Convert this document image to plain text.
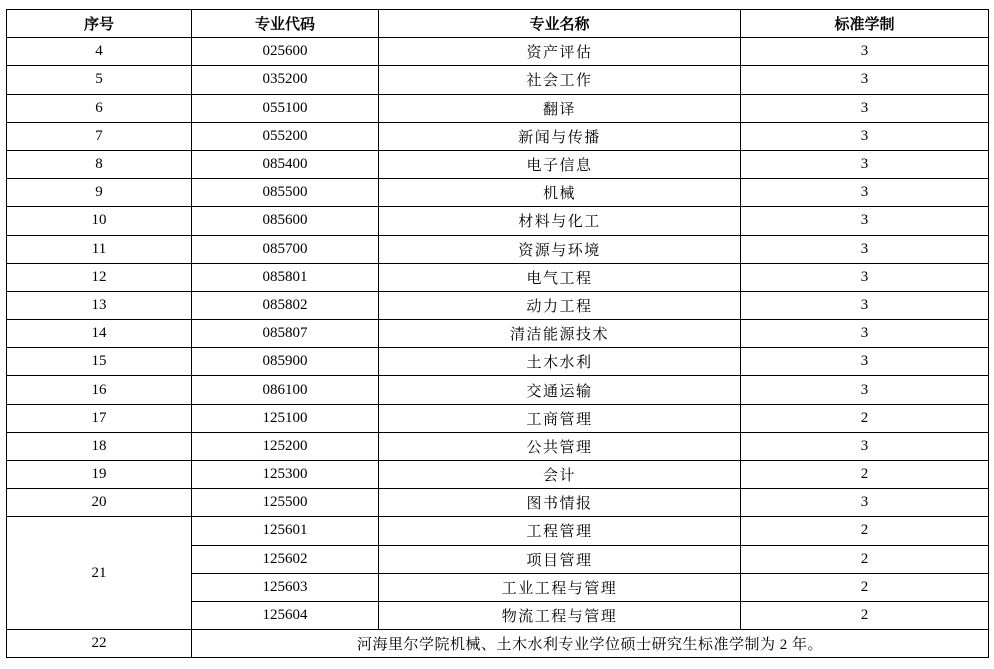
序号	专业代码	专业名称	标准学制
4	025600	资产评估	3
5	035200	社会工作	3
6	055100	翻译	3
7	055200	新闻与传播	3
8	085400	电子信息	3
9	085500	机械	3
10	085600	材料与化工	3
11	085700	资源与环境	3
12	085801	电气工程	3
13	085802	动力工程	3
14	085807	清洁能源技术	3
15	085900	土木水利	3
16	086100	交通运输	3
17	125100	工商管理	2
18	125200	公共管理	3
19	125300	会计	2
20	125500	图书情报	3
21	125601	工程管理	2
	125602	项目管理	2
	125603	工业工程与管理	2
	125604	物流工程与管理	2
22	河海里尔学院机械、土木水利专业学位硕士研究生标准学制为 2 年。		
